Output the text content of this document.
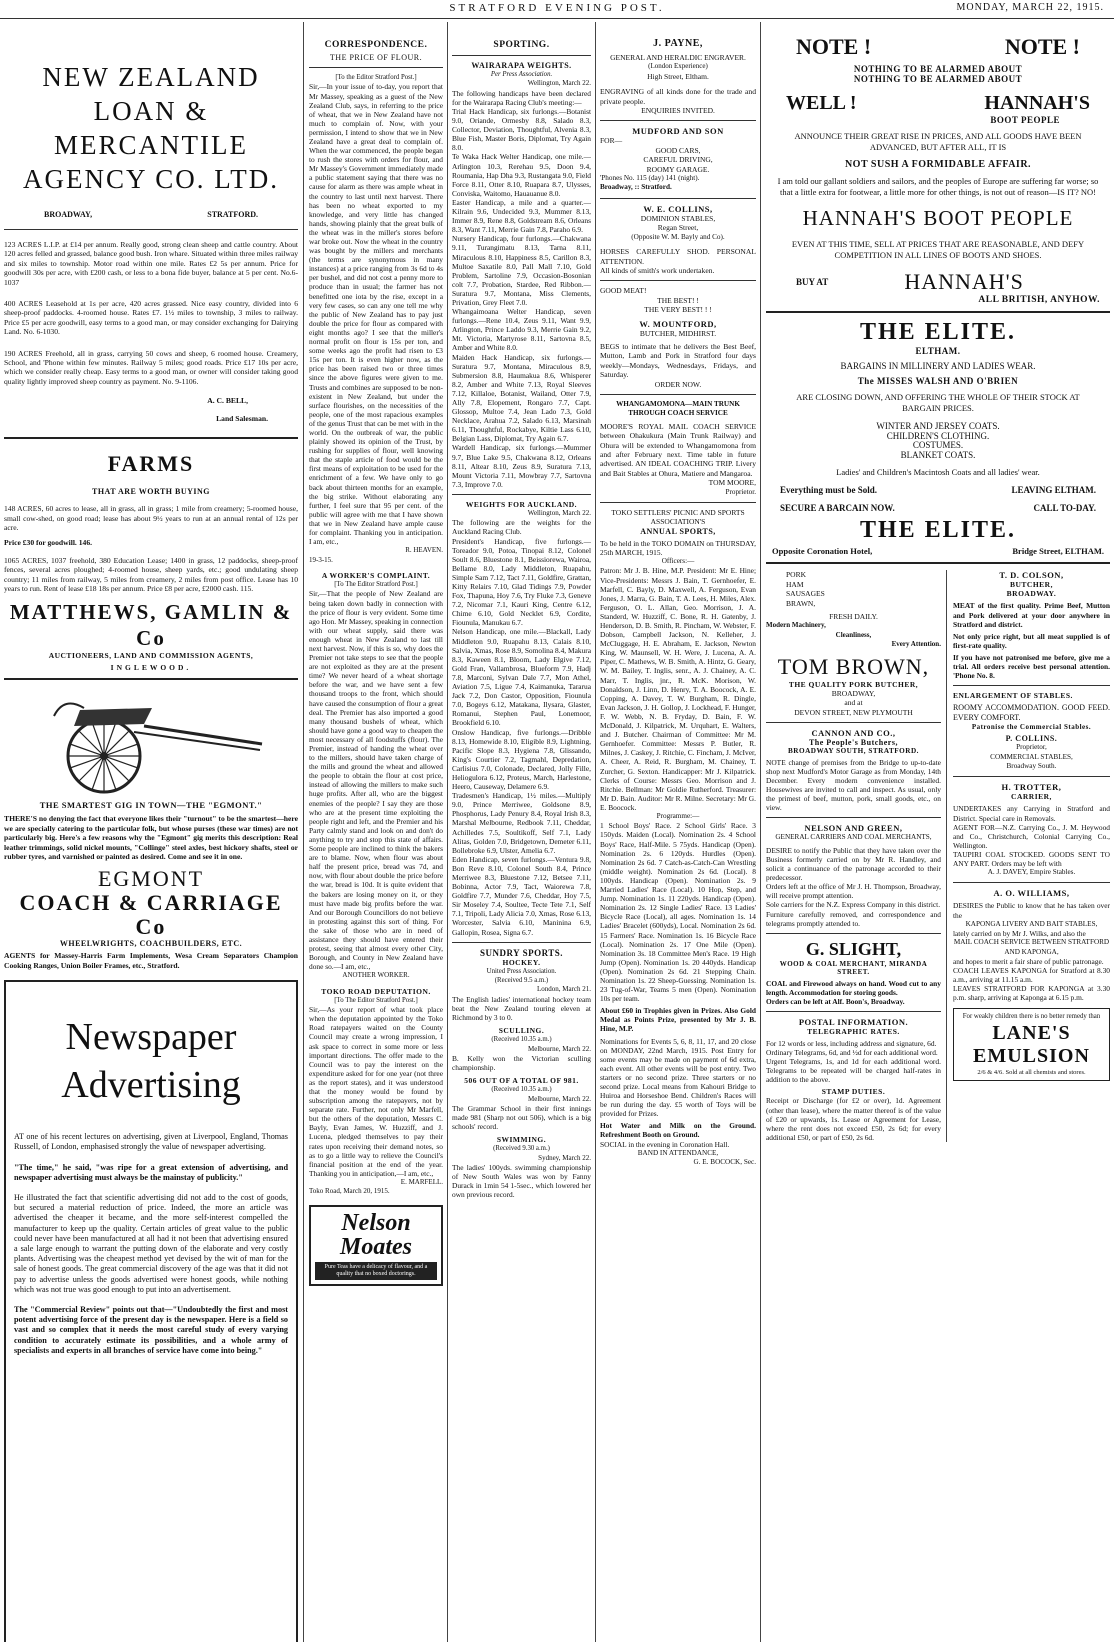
STRATFORD EVENING POST.	MONDAY, MARCH 22, 1915.
NEW ZEALAND
LOAN & MERCANTILE
AGENCY CO. LTD.
BROADWAY,	STRATFORD.

123 ACRES L.I.P. at £14 per annum. Really good, strong clean sheep and cattle country. About 120 acres felled and grassed, balance good bush. Iron whare. Situated within three miles railway and six miles to township. Motor road within one mile. Rates £2 5s per annum. Price for goodwill 30s per acre, with £200 cash, or less to a bona fide buyer, balance at 5 per cent. No.6-1037

400 ACRES Leasehold at 1s per acre, 420 acres grassed. Nice easy country, divided into 6 sheep-proof paddocks. 4-roomed house. Rates £7. 1½ miles to township, 3 miles to railway. Price £5 per acre goodwill, easy terms to a good man, or may consider exchanging for Dairying Land. No. 6-1030.

190 ACRES Freehold, all in grass, carrying 50 cows and sheep, 6 roomed house. Creamery, School, and 'Phone within few minutes. Railway 5 miles; good roads. Price £17 10s per acre, which we consider really cheap. Easy terms to a good man, or owner will consider taking good quality lightly improved sheep country as payment. No. 9-1106.

A. C. BELL,
Land Salesman.
FARMS
THAT ARE WORTH BUYING

148 ACRES, 60 acres to lease, all in grass, all in grass; 1 mile from creamery; 5-roomed house, small cow-shed, on good road; lease has about 9½ years to run at an annual rental of 12s per acre.

Price £30 for goodwill. 146.

1065 ACRES, 1037 freehold, 380 Education Lease; 1400 in grass, 12 paddocks, sheep-proof fences, several acres ploughed; 4-roomed house, sheep yards, etc.; good undulating sheep country; 11 miles from railway, 5 miles from creamery, 2 miles from post office. Lease has 10 years to run. Rent of lease £18 18s per annum. Price £8 per acre, £2000 cash. 115.

MATTHEWS, GAMLIN & Co
AUCTIONEERS, LAND AND COMMISSION AGENTS,
INGLEWOOD.
THE SMARTEST GIG IN TOWN—THE "EGMONT."

THERE'S no denying the fact that everyone likes their "turnout" to be the smartest—here we are specially catering to the particular folk, but whose purses (these war times) are not particularly big. Here's a few reasons why the "Egmont" gig merits this description: Real leather trimmings, solid nickel mounts, "Collinge" steel axles, best hickory shafts, steel or rubber tyres, and varnished or painted as desired. Come and see it in one.

EGMONT
COACH & CARRIAGE Co
WHEELWRIGHTS, COACHBUILDERS, ETC.

AGENTS for Massey-Harris Farm Implements, Wesa Cream Separators Champion Cooking Ranges, Union Boiler Frames, etc., Stratford.

Newspaper
Advertising

AT one of his recent lectures on advertising, given at Liverpool, England, Thomas Russell, of London, emphasised strongly the value of newspaper advertising.

"The time," he said, "was ripe for a great extension of advertising, and newspaper advertising must always be the mainstay of publicity."

He illustrated the fact that scientific advertising did not add to the cost of goods, but secured a material reduction of price. Indeed, the more an article was advertised the cheaper it became, and the more self-interest compelled the manufacturer to keep up the quality. Certain articles of great value to the public could never have been manufactured at all had it not been that advertising ensured a sale large enough to warrant the putting down of the elaborate and very costly plants. Advertising was the cheapest method yet devised by the wit of man for the sale of honest goods. The great commercial discovery of the age was that it did not pay to advertise unless the goods advertised were honest goods, while nothing which was not true was good enough to put into an advertisement.

The "Commercial Review" points out that—"Undoubtedly the first and most potent advertising force of the present day is the newspaper. Here is a field so vast and so complex that it needs the most careful study of every varying condition to accurately estimate its possibilities, and a whole army of specialists and experts in all branches of service have come into being."

CORRESPONDENCE.
THE PRICE OF FLOUR.
[To the Editor Stratford Post.]

Sir,—In your issue of to-day, you report that Mr Massey, speaking as a guest of the New Zealand Club, says, in referring to the price of wheat, that we in New Zealand have not much to complain of. Now, with your permission, I intend to show that we in New Zealand have a great deal to complain of. When the war commenced, the people began to rush the stores with orders for flour, and Mr Massey's Government immediately made a public statement saying that there was no cause for alarm as there was ample wheat in the country to last until next harvest. There has been no wheat exported to my knowledge, and very little has changed hands, showing plainly that the great bulk of the wheat was in the miller's stores before war broke out. Now the wheat in the country was bought by the millers and merchants (the terms are synonymous in many instances) at a price ranging from 3s 6d to 4s per bushel, and did not cost a penny more to produce than in usual; the farmer has not benefitted one iota by the rise, except in a very few cases, so can any one tell me why the public of New Zealand has to pay just double the price for flour as compared with eight months ago? I see that the miller's normal profit on flour is 15s per ton, and some weeks ago the profit had risen to £3 15s per ton. It is even higher now, as the price has been raised two or three times since the above figures were given to me. Trusts and combines are supposed to be non-existent in New Zealand, but under the surface flourishes, on the necessities of the people, one of the most rapacious examples of the genus Trust that can be met with in the world. On the outbreak of war, the public plainly showed its opinion of the Trust, by rushing for supplies of flour, well knowing that the staple article of food would be the first means of exploitation to be used for the enrichment of a few. We have only to go back about thirteen months for an example, the big strike. Without elaborating any further, I feel sure that 95 per cent. of the public will agree with me that I have shown that we in New Zealand have ample cause for complaint. Thanking you in anticipation. I am, etc.,

R. HEAVEN.
19-3-15.
A WORKER'S COMPLAINT.
[To The Editor Stratford Post.]

Sir,—That the people of New Zealand are being taken down badly in connection with the price of flour is very evident. Some time ago Hon. Mr Massey, speaking in connection with our wheat supply, said there was enough wheat in New Zealand to last till next harvest. Now, if this is so, why does the Premier not take steps to see that the people are not exploited as they are at the present time? We never heard of a wheat shortage before the war, and we have sent a few thousand troops to the front, which should have caused the consumption of flour a great deal. The Premier has also imported a good many thousand bushels of wheat, which should have gone a good way to cheapen the most necessary of all foodstuffs (flour). The Premier, instead of handing the wheat over to the millers, should have taken charge of the mills and ground the wheat and allowed the people to obtain the flour at cost price, instead of allowing the millers to make such huge profits. After all, who are the biggest enemies of the people? I say they are those who are at the present time exploiting the people right and left, and the Premier and his Party calmly stand and look on and don't do anything to try and stop this state of affairs. Some people are inclined to think the bakers are to blame. Now, when flour was about half the present price, bread was 7d, and now, with flour about double the price before the war, bread is 10d. It is quite evident that the bakers are losing money on it, or they must have made big profits before the war. And our Borough Councillors do not believe in protesting against this sort of thing. For the sake of those who are in need of assistance they should have entered their protest, seeing that almost every other City, Borough, and County in New Zealand have done so.—I am, etc.,

ANOTHER WORKER.
TOKO ROAD DEPUTATION.
[To The Editor Stratford Post.]

Sir,—As your report of what took place when the deputation appointed by the Toko Road ratepayers waited on the County Council may create a wrong impression, I ask space to correct in some more or less important directions. The offer made to the Council was to pay the interest on the expenditure asked for for one year (not three as the report states), and it was understood that the money would be found by subscription among the ratepayers, not by separate rate. Further, not only Mr Marfell, but the others of the deputation, Messrs C. Bayly, Evan James, W. Huzziff, and J. Lucena, pledged themselves to pay their rates upon receiving their demand notes, so as to go a little way to relieve the Council's financial position at the end of the year. Thanking you in anticipation,—I am, etc.,

E. MARFELL.
Toko Road, March 20, 1915.
Nelson
Moates
Pure Teas have a delicacy of flavour, and a quality that no boxed doctorings.
SPORTING.
WAIRARAPA WEIGHTS.
Per Press Association.
Wellington, March 22.

The following handicaps have been declared for the Wairarapa Racing Club's meeting:—

Trial Hack Handicap, six furlongs.—Botanist 9.0, Oriande, Ormesby 8.8, Salado 8.3, Collector, Deviation, Thoughtful, Alvenia 8.3, Blue Fish, Master Boris, Diplomat, Try Again 8.0.

Te Waka Hack Welter Handicap, one mile.—Arlington 10.3, Rerehau 9.5, Doon 9.4, Roumania, Hap Dha 9.3, Rustangata 9.0, Field Force 8.11, Otter 8.10, Ruapara 8.7, Ulysses, Conviska, Waitomo, Hauauanue 8.0.

Easter Handicap, a mile and a quarter.—Kilrain 9.6, Undecided 9.3, Mummer 8.13, Immer 8.9, Rene 8.8, Goldstream 8.6, Orleans 8.3, Want 7.11, Merrie Gain 7.8, Paraho 6.9.

Nursery Handicap, four furlongs.—Chakwana 9.11, Turangimatu 8.13, Tarna 8.11, Miraculous 8.10, Happiness 8.5, Carillon 8.3, Multoe Saxatile 8.0, Pall Mall 7.10, Gold Problem, Sartoline 7.9, Occasion-Bosonian colt 7.7, Probation, Stardee, Red Ribbon.—Suratura 9.7, Montana, Miss Clements, Privation, Grey Fleet 7.0.

Whangaimoana Welter Handicap, seven furlongs.—Rene 10.4, Zeus 9.11, Want 9.9, Arlington, Prince Laddo 9.3, Merrie Gain 9.2, Mt. Victoria, Martyrose 8.11, Sartovna 8.5, Amber and White 8.0.

Maiden Hack Handicap, six furlongs.—Suratura 9.7, Montana, Miraculous 8.9, Submersion 8.8, Haumakua 8.6, Whisperer 8.2, Amber and White 7.13, Royal Sleeves 7.12, Killaloe, Botanist, Wailand, Otter 7.9, Ally 7.8, Elopement, Rongaro 7.7, Capt. Glossop, Multoe 7.4, Jean Lado 7.3, Gold Necklace, Arahua 7.2, Salado 6.13, Marsinah 6.11, Thoughtful, Rockabye, Kiltie Lass 6.10, Belgian Lass, Diplomat, Try Again 6.7.

Wardell Handicap, six furlongs.—Mummer 9.7, Blue Lake 9.5, Chakwana 8.12, Orleans 8.11, Altear 8.10, Zeus 8.9, Suratura 7.13, Mount Victoria 7.11, Mowbray 7.7, Sartovna 7.3, Improve 7.0.

WEIGHTS FOR AUCKLAND.
Wellington, March 22.

The following are the weights for the Auckland Racing Club.

President's Handicap, five furlongs.—Toreador 9.0, Potoa, Tinopai 8.12, Colonel Soult 8.6, Bluestone 8.1, Beissiorewa, Wairoa, Bellame 8.0, Lady Middleton, Ruapahu, Simple Sam 7.12, Tact 7.11, Goldfire, Grattan, Kitty Relairs 7.10, Glad Tidings 7.9, Powder Fox, Thapuna, Hoy 7.6, Try Fluke 7.3, Geneve 7.2, Nicomar 7.1, Kauri King, Centre 6.12, Chime 6.10, Gold Necklet 6.9, Cordite, Fiounula, Manukau 6.7.

Nelson Handicap, one mile.—Blackall, Lady Middleton 9.0, Ruapahu 8.13, Calais 8.10, Salvia, Xmas, Rose 8.9, Somolina 8.4, Makura 8.3, Kaween 8.1, Bloom, Lady Elgive 7.12, Gold Fran, Vallambrosa, Blueform 7.9, Hadj 7.8, Marconi, Sylvan Dale 7.7, Mon Athel, Aviation 7.5, Ligue 7.4, Kaimanuka, Tararua Jack 7.2, Don Castor, Opposition, Fiounula 7.0, Bogeys 6.12, Matakana, Ilysara, Glaster, Romanui, Stephen Paul, Lonemoor, Brookfield 6.10.

Onslow Handicap, five furlongs.—Dribble 8.13, Homewide 8.10, Eligible 8.9, Lightning, Pacific Slope 8.3, Hygiena 7.8, Glissando, King's Courtier 7.2, Tagmahl, Depredation, Carlisius 7.0, Colonade, Declared, Jolly Fille, Heliogulora 6.12, Proteus, March, Harlestone, Heero, Causeway, Delamere 6.9.

Tradesmen's Handicap, 1½ miles.—Multiply 9.0, Prince Merriwee, Goldsone 8.9, Phosphorus, Lady Penury 8.4, Royal Irish 8.3, Marshal Melbourne, Redbook 7.11, Cheddar, Achilledes 7.5, Soultikoff, Self 7.1, Lady Alitas, Golden 7.0, Bridgetown, Demeter 6.11, Bollebroke 6.9, Ulster, Amelia 6.7.

Eden Handicap, seven furlongs.—Ventura 9.8, Bon Reve 8.10, Colonel South 8.4, Prince Merriwee 8.3, Bluestone 7.12, Betsee 7.11, Bobinna, Actor 7.9, Tact, Waiorewa 7.8, Goldfire 7.7, Munder 7.6, Cheddar, Hoy 7.5, Sir Moseley 7.4, Soultee, Tecte Tete 7.1, Self 7.1, Tripoli, Lady Alicia 7.0, Xmas, Rose 6.13, Worcester, Salvia 6.10, Maninina 6.9, Gallopin, Rosea, Signa 6.7.

SUNDRY SPORTS.
HOCKEY.
United Press Association.
(Received 9.5 a.m.)
London, March 21.

The English ladies' international hockey team beat the New Zealand touring eleven at Richmond by 3 to 0.

SCULLING.
(Received 10.35 a.m.)
Melbourne, March 22.

B. Kelly won the Victorian sculling championship.

506 OUT OF A TOTAL OF 981.
(Received 10.35 a.m.)
Melbourne, March 22.

The Grammar School in their first innings made 981 (Sharp not out 506), which is a big schools' record.

SWIMMING.
(Received 9.30 a.m.)
Sydney, March 22.

The ladies' 100yds. swimming championship of New South Wales was won by Fanny Durack in 1min 54 1-5sec., which lowered her own previous record.

J. PAYNE,
GENERAL AND HERALDIC ENGRAVER.
(London Experience)
High Street, Eltham.

ENGRAVING of all kinds done for the trade and private people.

ENQUIRIES INVITED.
MUDFORD AND SON
FOR—
GOOD CARS,
CAREFUL DRIVING,
ROOMY GARAGE.
'Phones No. 115 (day) 141 (night).
Broadway, :: Stratford.
W. E. COLLINS,
DOMINION STABLES,
Regan Street,
(Opposite W. M. Bayly and Co).

HORSES CAREFULLY SHOD. PERSONAL ATTENTION.

All kinds of smith's work undertaken.

GOOD MEAT!
THE BEST! !
THE VERY BEST! ! !
W. MOUNTFORD,
BUTCHER, MIDHIRST.

BEGS to intimate that he delivers the Best Beef, Mutton, Lamb and Pork in Stratford four days weekly—Mondays, Wednesdays, Fridays, and Saturday.

ORDER NOW.
WHANGAMOMONA—MAIN TRUNK THROUGH COACH SERVICE

MOORE'S ROYAL MAIL COACH SERVICE between Ohakukura (Main Trunk Railway) and Ohura will be extended to Whangamomona from and after February next. Time table in future advertised. AN IDEAL COACHING TRIP. Livery and Bait Stables at Ohura, Matiere and Mangaroa.

TOM MOORE,
Proprietor.
TOKO SETTLERS' PICNIC AND SPORTS ASSOCIATION'S
ANNUAL SPORTS,

To be held in the TOKO DOMAIN on THURSDAY, 25th MARCH, 1915.

Officers:—

Patron: Mr J. B. Hine, M.P. President: Mr E. Hine; Vice-Presidents: Messrs J. Bain, T. Gernhoefer, E. Marfell, C. Bayly, D. Maxwell, A. Ferguson, Evan Jones, J. Marra, G. Bain, T. A. Lees, H. Miles, Alex. Ferguson, O. L. Allan, Geo. Morrison, J. A. Standerd, W. Huzziff, C. Bone, R. H. Gatenby, J. Henderson, D. B. Smith, R. Pincham, W. Webster, F. Dobson, Campbell Jackson, N. Kelleher, J. McCluggage, H. E. Abraham, E. Jackson, Newton King, W. Maunsell, W. H. Were, J. Lucena, A. A. Piper, C. Mathews, W. B. Smith, A. Hintz, G. Geary, W. M. Bailey, T. Inglis, senr., A. J. Chainey, A. C. Marr, T. Inglis, jnr., R. McK. Morison, W. Donaldson, J. Linn, D. Henry, T. A. Boocock, A. E. Copping, A. Davey, T. W. Burgham, R. Dingle, Evan Jackson, J. H. Gollop, J. Lockhead, F. Hunger, F. W. Webb, N. B. Fryday, D. Bain, F. W. McDonald, J. Kilpatrick, M. Urquhart, E. Walters, and J. Butcher. Chairman of Committee: Mr M. Gernhoefer. Committee: Messrs P. Butler, R. Milnes, J. Caskey, J. Ritchie, C. Fincham, J. McIver, A. Cheer, A. Reid, R. Burgham, M. Chainey, T. Zurcher, G. Sexton. Handicapper: Mr J. Kilpatrick. Clerks of Course: Messrs Geo. Morrison and J. Ritchie. Bellman: Mr Goldie Rutherford. Treasurer: Mr D. Bain. Auditor: Mr R. Milne. Secretary: Mr G. E. Boocock.

Programme:—

1 School Boys' Race. 2 School Girls' Race. 3 150yds. Maiden (Local). Nomination 2s. 4 School Boys' Race, Half-Mile. 5 75yds. Handicap (Open). Nomination 2s. 6 120yds. Hurdles (Open). Nomination 2s 6d. 7 Catch-as-Catch-Can Wrestling (middle weight). Nomination 2s 6d. (Local). 8 100yds. Handicap (Open). Nomination 2s. 9 Married Ladies' Race (Local). 10 Hop, Step, and Jump. Nomination 1s. 11 220yds. Handicap (Open). Nomination 2s. 12 Single Ladies' Race. 13 Ladies' Bicycle Race (Local), all ages. Nomination 1s. 14 Ladies' Bracelet (600yds), Local. Nomination 2s 6d. 15 Farmers' Race. Nomination 1s. 16 Bicycle Race (Local). Nomination 2s. 17 One Mile (Open). Nomination 3s. 18 Committee Men's Race. 19 High Jump (Open). Nomination 1s. 20 440yds. Handicap (Open). Nomination 2s 6d. 21 Stepping Chain. Nomination 1s. 22 Sheep-Guessing. Nomination 1s. 23 Tug-of-War, Teams 5 men (Open). Nomination 10s per team.

About £60 in Trophies given in Prizes. Also Gold Medal as Points Prize, presented by Mr J. B. Hine, M.P.

Nominations for Events 5, 6, 8, 11, 17, and 20 close on MONDAY, 22nd March, 1915. Post Entry for some events may be made on payment of 6d extra, each event. All other events will be post entry. Two starters or no second prize. Three starters or no second prize. Local means from Kahouri Bridge to Huiroa and Horseshoe Bend. Children's Races will be run during the day. £5 worth of Toys will be provided for Prizes.

Hot Water and Milk on the Ground. Refreshment Booth on Ground.

SOCIAL in the evening in Coronation Hall.

BAND IN ATTENDANCE,
G. E. BOCOCK, Sec.
NOTE !	NOTE !
NOTHING TO BE ALARMED ABOUT
NOTHING TO BE ALARMED ABOUT
WELL !	HANNAH'S
BOOT PEOPLE
ANNOUNCE THEIR GREAT RISE IN PRICES, AND ALL GOODS HAVE BEEN ADVANCED, BUT AFTER ALL, IT IS
NOT SUSH A FORMIDABLE AFFAIR.
I am told our gallant soldiers and sailors, and the peoples of Europe are suffering far worse; so that a little extra for footwear, a little more for other things, is not out of reason—IS IT? NO!
HANNAH'S BOOT PEOPLE
EVEN AT THIS TIME, SELL AT PRICES THAT ARE REASONABLE, AND DEFY COMPETITION IN ALL LINES OF BOOTS AND SHOES.
BUY AT	HANNAH'S
ALL BRITISH, ANYHOW.
THE ELITE.
ELTHAM.
BARGAINS IN MILLINERY AND LADIES WEAR.
The MISSES WALSH AND O'BRIEN
ARE CLOSING DOWN, AND OFFERING THE WHOLE OF THEIR STOCK AT BARGAIN PRICES.
WINTER AND JERSEY COATS.
CHILDREN'S CLOTHING.
COSTUMES.
BLANKET COATS.
Ladies' and Children's Macintosh Coats and all ladies' wear.
Everything must be Sold.	LEAVING ELTHAM.
SECURE A BARCAIN NOW.	CALL TO-DAY.
THE ELITE.
Opposite Coronation Hotel,	Bridge Street, ELTHAM.
PORK
HAM
SAUSAGES
BRAWN,
FRESH DAILY.
Modern Machinery,
Cleanliness,
Every Attention.
TOM BROWN,
THE QUALITY PORK BUTCHER,
BROADWAY,
and at
DEVON STREET, NEW PLYMOUTH
CANNON AND CO.,
The People's Butchers,
BROADWAY SOUTH, STRATFORD.

NOTE change of premises from the Bridge to up-to-date shop next Mudford's Motor Garage as from Monday, 14th December. Every modern convenience installed. Housewives are invited to call and inspect. As usual, only the primest of beef, mutton, pork, small goods, etc., on view.

NELSON AND GREEN,
GENERAL CARRIERS AND COAL MERCHANTS,

DESIRE to notify the Public that they have taken over the Business formerly carried on by Mr R. Handley, and solicit a continuance of the patronage accorded to their predecessor.

Orders left at the office of Mr J. H. Thompson, Broadway, will receive prompt attention.

Sole carriers for the N.Z. Express Company in this district.

Furniture carefully removed, and correspondence and telegrams promptly attended to.

G. SLIGHT,
WOOD & COAL MERCHANT, MIRANDA STREET.

COAL and Firewood always on hand. Wood cut to any length. Accommodation for storing goods.

Orders can be left at Alf. Boon's, Broadway.

POSTAL INFORMATION.
TELEGRAPHIC RATES.

For 12 words or less, including address and signature, 6d.

Ordinary Telegrams, 6d, and ½d for each additional word.

Urgent Telegrams, 1s, and 1d for each additional word. Telegrams to be repeated will be charged half-rates in addition to the above.

STAMP DUTIES.

Receipt or Discharge (for £2 or over), 1d. Agreement (other than lease), where the matter thereof is of the value of £20 or upwards, 1s. Lease or Agreement for Lease, where the rent does not exceed £50, 2s 6d; for every additional £50, or part of £50, 2s 6d.

T. D. COLSON,
BUTCHER,
BROADWAY.

MEAT of the first quality. Prime Beef, Mutton and Pork delivered at your door anywhere in Stratford and district.

Not only price right, but all meat supplied is of first-rate quality.

If you have not patronised me before, give me a trial. All orders receive best personal attention. 'Phone No. 8.

ENLARGEMENT OF STABLES.

ROOMY ACCOMMODATION. GOOD FEED. EVERY COMFORT.

Patronise the Commercial Stables.
P. COLLINS.
Proprietor,
COMMERCIAL STABLES,
Broadway South.
H. TROTTER,
CARRIER,

UNDERTAKES any Carrying in Stratford and District. Special care in Removals.

AGENT FOR—N.Z. Carrying Co., J. M. Heywood and Co., Christchurch, Colonial Carrying Co., Wellington.

TAUPIRI COAL STOCKED. GOODS SENT TO ANY PART. Orders may be left with

A. J. DAVEY, Empire Stables.
A. O. WILLIAMS,

DESIRES the Public to know that he has taken over the

KAPONGA LIVERY AND BAIT STABLES,

lately carried on by Mr J. Wilks, and also the

MAIL COACH SERVICE BETWEEN STRATFORD AND KAPONGA,

and hopes to merit a fair share of public patronage.

COACH LEAVES KAPONGA for Stratford at 8.30 a.m., arriving at 11.15 a.m.

LEAVES STRATFORD FOR KAPONGA at 3.30 p.m. sharp, arriving at Kaponga at 6.15 p.m.

For weakly children there is no better remedy than
LANE'S EMULSION
2/6 & 4/6. Sold at all chemists and stores.
